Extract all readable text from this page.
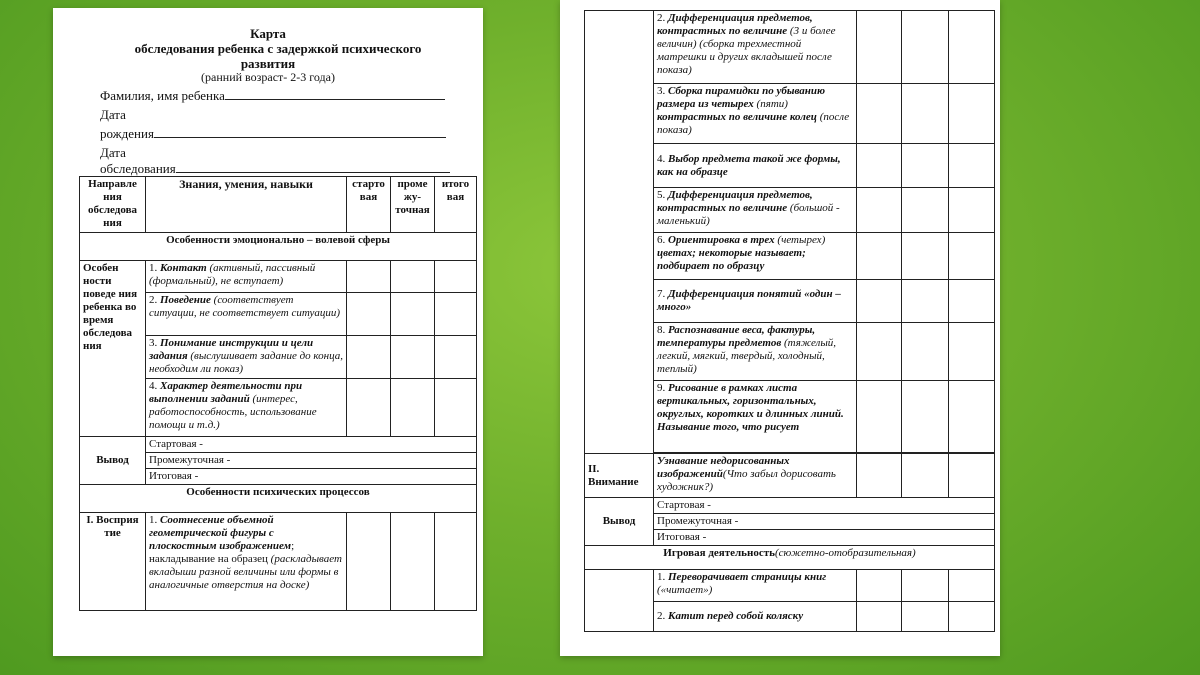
Карта
обследования ребенка с задержкой психического
развития
(ранний возраст- 2-3 года)
Фамилия, имя ребенка
Дата
рождения
Дата
обследования
Направле ния обследова ния	Знания, умения, навыки	старто вая	проме жу- точная	итого вая
Особенности эмоционально – волевой сферы				
Особен ности поведе ния ребенка во время обследова ния	1. Контакт (активный, пассивный (формальный), не вступает)			
	2. Поведение (соответствует ситуации, не соответствует ситуации)			
	3. Понимание инструкции и цели задания (выслушивает задание до конца, необходим ли показ)			
	4. Характер деятельности при выполнении заданий (интерес, работоспособность, использование помощи и т.д.)			
Вывод	Стартовая -			
	Промежуточная -			
	Итоговая -			
Особенности психических процессов				
I. Восприя тие	1. Соотнесение объемной геометрической фигуры с плоскостным изображением; накладывание на образец (раскладывает вкладыши разной величины или формы в аналогичные отверстия на доске)			
	2. Дифференциация предметов, контрастных по величине (3 и более величин) (сборка трехместной матрешки и других вкладышей после показа)			
	3. Сборка пирамидки по убыванию размера из четырех (пяти) контрастных по величине колец (после показа)			
	4. Выбор предмета такой же формы, как на образце			
	5. Дифференциация предметов, контрастных по величине (большой - маленький)			
	6. Ориентировка в трех (четырех) цветах; некоторые называет; подбирает по образцу			
	7. Дифференциация понятий «один – много»			
	8. Распознавание веса, фактуры, температуры предметов (тяжелый, легкий, мягкий, твердый, холодный, теплый)			
	9. Рисование в рамках листа вертикальных, горизонтальных, округлых, коротких и длинных линий. Называние того, что рисует			

II. Внимание	Узнавание недорисованных изображений(Что забыл дорисовать художник?)			
Вывод	Стартовая -			
	Промежуточная -			
	Итоговая -			
Игровая деятельность(сюжетно-отобразительная)				
	1. Переворачивает страницы книг («читает»)			
	2. Катит перед собой коляску			
